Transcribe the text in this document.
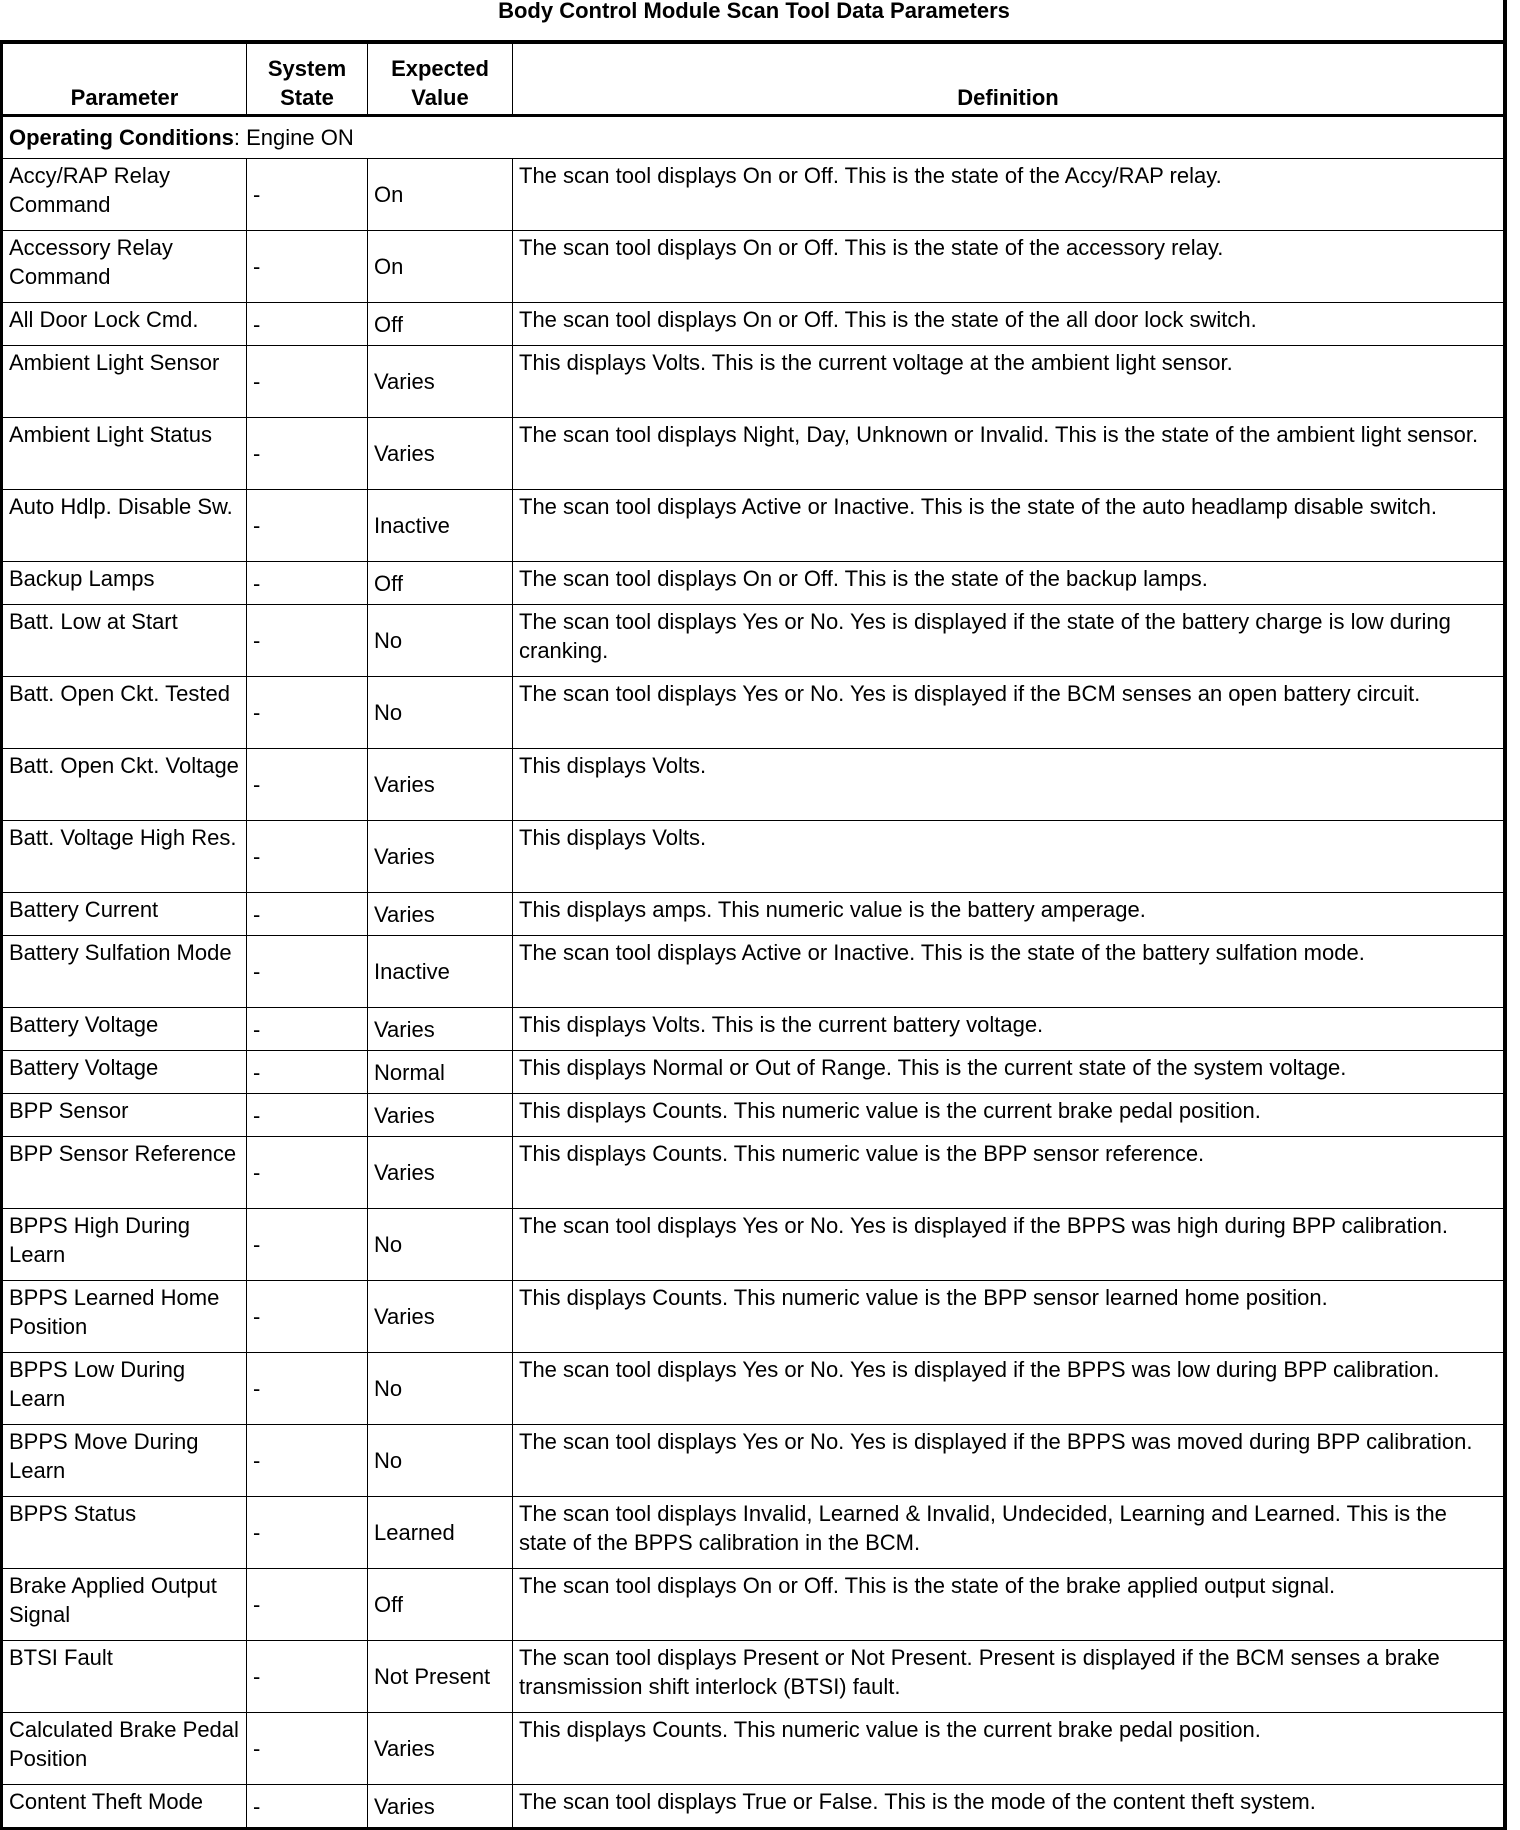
Body Control Module Scan Tool Data Parameters
Parameter	System State	Expected Value	Definition
Operating Conditions: Engine ON			
Accy/RAP Relay Command	-	On	The scan tool displays On or Off. This is the state of the Accy/RAP relay.
Accessory Relay Command	-	On	The scan tool displays On or Off. This is the state of the accessory relay.
All Door Lock Cmd.	-	Off	The scan tool displays On or Off. This is the state of the all door lock switch.
Ambient Light Sensor	-	Varies	This displays Volts. This is the current voltage at the ambient light sensor.
Ambient Light Status	-	Varies	The scan tool displays Night, Day, Unknown or Invalid. This is the state of the ambient light sensor.
Auto Hdlp. Disable Sw.	-	Inactive	The scan tool displays Active or Inactive. This is the state of the auto headlamp disable switch.
Backup Lamps	-	Off	The scan tool displays On or Off. This is the state of the backup lamps.
Batt. Low at Start	-	No	The scan tool displays Yes or No. Yes is displayed if the state of the battery charge is low during cranking.
Batt. Open Ckt. Tested	-	No	The scan tool displays Yes or No. Yes is displayed if the BCM senses an open battery circuit.
Batt. Open Ckt. Voltage	-	Varies	This displays Volts.
Batt. Voltage High Res.	-	Varies	This displays Volts.
Battery Current	-	Varies	This displays amps. This numeric value is the battery amperage.
Battery Sulfation Mode	-	Inactive	The scan tool displays Active or Inactive. This is the state of the battery sulfation mode.
Battery Voltage	-	Varies	This displays Volts. This is the current battery voltage.
Battery Voltage	-	Normal	This displays Normal or Out of Range. This is the current state of the system voltage.
BPP Sensor	-	Varies	This displays Counts. This numeric value is the current brake pedal position.
BPP Sensor Reference	-	Varies	This displays Counts. This numeric value is the BPP sensor reference.
BPPS High During Learn	-	No	The scan tool displays Yes or No. Yes is displayed if the BPPS was high during BPP calibration.
BPPS Learned Home Position	-	Varies	This displays Counts. This numeric value is the BPP sensor learned home position.
BPPS Low During Learn	-	No	The scan tool displays Yes or No. Yes is displayed if the BPPS was low during BPP calibration.
BPPS Move During Learn	-	No	The scan tool displays Yes or No. Yes is displayed if the BPPS was moved during BPP calibration.
BPPS Status	-	Learned	The scan tool displays Invalid, Learned & Invalid, Undecided, Learning and Learned. This is the state of the BPPS calibration in the BCM.
Brake Applied Output Signal	-	Off	The scan tool displays On or Off. This is the state of the brake applied output signal.
BTSI Fault	-	Not Present	The scan tool displays Present or Not Present. Present is displayed if the BCM senses a brake transmission shift interlock (BTSI) fault.
Calculated Brake Pedal Position	-	Varies	This displays Counts. This numeric value is the current brake pedal position.
Content Theft Mode	-	Varies	The scan tool displays True or False. This is the mode of the content theft system.
